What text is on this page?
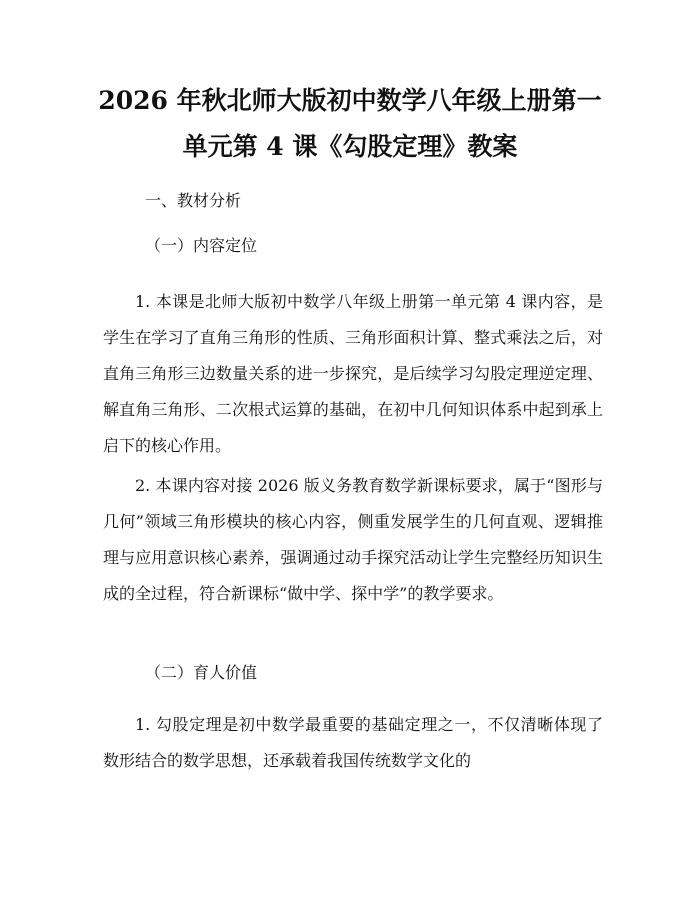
2026 年秋北师大版初中数学八年级上册第一
单元第 4 课《勾股定理》教案
一、教材分析
（一）内容定位

1. 本课是北师大版初中数学八年级上册第一单元第 4 课内容，是学生在学习了直角三角形的性质、三角形面积计算、整式乘法之后，对直角三角形三边数量关系的进一步探究，是后续学习勾股定理逆定理、解直角三角形、二次根式运算的基础，在初中几何知识体系中起到承上启下的核心作用。

2. 本课内容对接 2026 版义务教育数学新课标要求，属于“图形与几何”领域三角形模块的核心内容，侧重发展学生的几何直观、逻辑推理与应用意识核心素养，强调通过动手探究活动让学生完整经历知识生成的全过程，符合新课标“做中学、探中学”的教学要求。

（二）育人价值

1. 勾股定理是初中数学最重要的基础定理之一，不仅清晰体现了数形结合的数学思想，还承载着我国传统数学文化的
